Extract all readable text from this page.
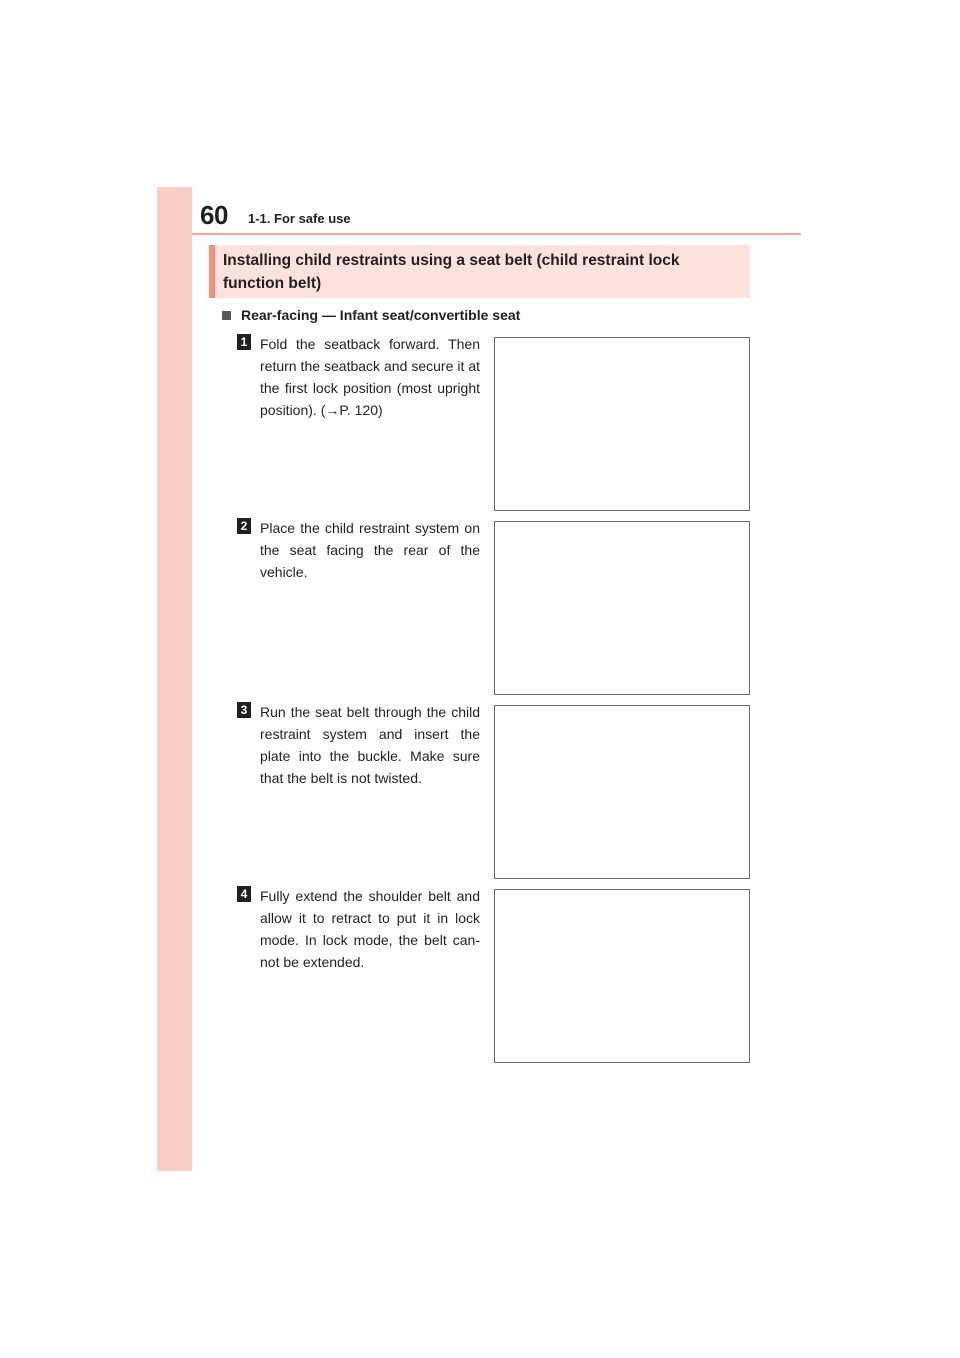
60 1-1. For safe use
Installing child restraints using a seat belt (child restraint lock function belt)
Rear-facing — Infant seat/convertible seat
1 Fold the seatback forward. Then return the seatback and secure it at the first lock position (most upright position). (→P. 120)
2 Place the child restraint system on the seat facing the rear of the vehicle.
3 Run the seat belt through the child restraint system and insert the plate into the buckle. Make sure that the belt is not twisted.
4 Fully extend the shoulder belt and allow it to retract to put it in lock mode. In lock mode, the belt can-not be extended.
